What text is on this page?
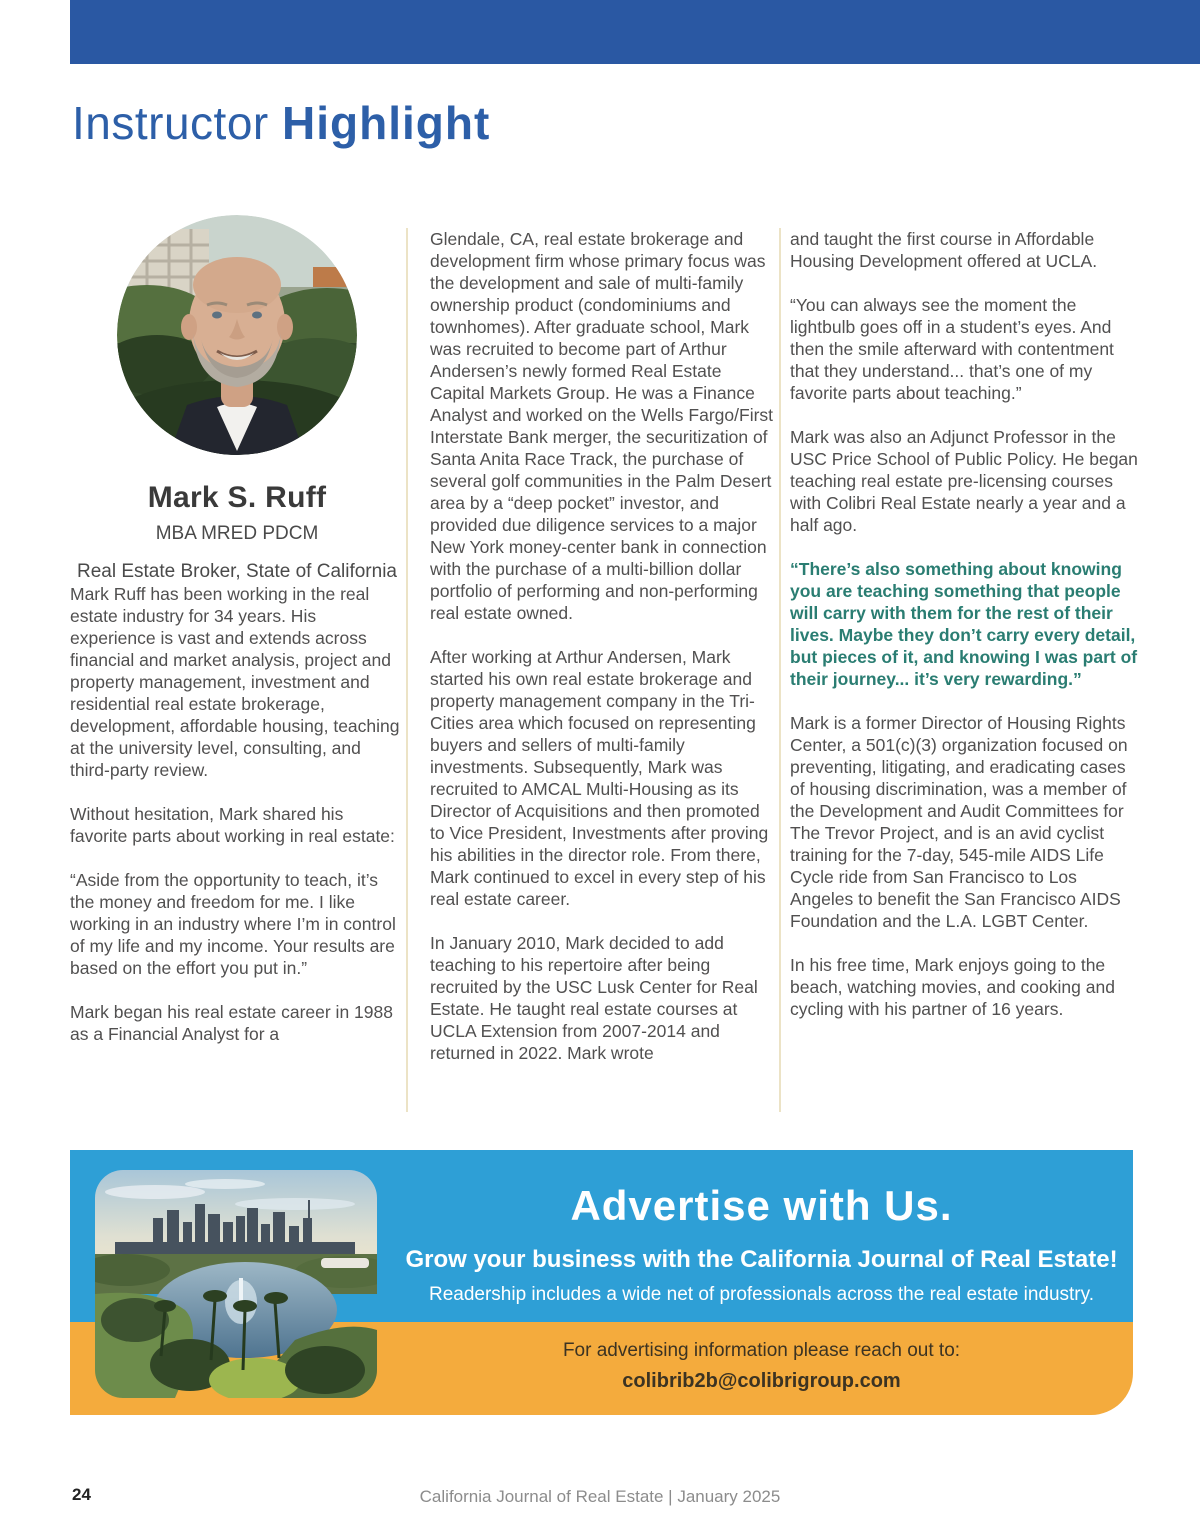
Instructor Highlight
Mark S. Ruff
MBA MRED PDCM
Real Estate Broker, State of California

Mark Ruff has been working in the real estate industry for 34 years. His experience is vast and extends across financial and market analysis, project and property management, investment and residential real estate brokerage, development, affordable housing, teaching at the university level, consulting, and third-party review.

Without hesitation, Mark shared his favorite parts about working in real estate:

“Aside from the opportunity to teach, it’s the money and freedom for me. I like working in an industry where I’m in control of my life and my income. Your results are based on the effort you put in.”

Mark began his real estate career in 1988 as a Financial Analyst for a

Glendale, CA, real estate brokerage and development firm whose primary focus was the development and sale of multi-family ownership product (condominiums and townhomes). After graduate school, Mark was recruited to become part of Arthur Andersen’s newly formed Real Estate Capital Markets Group. He was a Finance Analyst and worked on the Wells Fargo/First Interstate Bank merger, the securitization of Santa Anita Race Track, the purchase of several golf communities in the Palm Desert area by a “deep pocket” investor, and provided due diligence services to a major New York money-center bank in connection with the purchase of a multi-billion dollar portfolio of performing and non-performing real estate owned.

After working at Arthur Andersen, Mark started his own real estate brokerage and property management company in the Tri-Cities area which focused on representing buyers and sellers of multi-family investments. Subsequently, Mark was recruited to AMCAL Multi-Housing as its Director of Acquisitions and then promoted to Vice President, Investments after proving his abilities in the director role. From there, Mark continued to excel in every step of his real estate career.

In January 2010, Mark decided to add teaching to his repertoire after being recruited by the USC Lusk Center for Real Estate. He taught real estate courses at UCLA Extension from 2007-2014 and returned in 2022. Mark wrote

and taught the first course in Affordable Housing Development offered at UCLA.

“You can always see the moment the lightbulb goes off in a student’s eyes. And then the smile afterward with contentment that they understand... that’s one of my favorite parts about teaching.”

Mark was also an Adjunct Professor in the USC Price School of Public Policy. He began teaching real estate pre-licensing courses with Colibri Real Estate nearly a year and a half ago.

“There’s also something about knowing you are teaching something that people will carry with them for the rest of their lives. Maybe they don’t carry every detail, but pieces of it, and knowing I was part of their journey... it’s very rewarding.”

Mark is a former Director of Housing Rights Center, a 501(c)(3) organization focused on preventing, litigating, and eradicating cases of housing discrimination, was a member of the Development and Audit Committees for The Trevor Project, and is an avid cyclist training for the 7-day, 545-mile AIDS Life Cycle ride from San Francisco to Los Angeles to benefit the San Francisco AIDS Foundation and the L.A. LGBT Center.

In his free time, Mark enjoys going to the beach, watching movies, and cooking and cycling with his partner of 16 years.

Advertise with Us.
Grow your business with the California Journal of Real Estate!
Readership includes a wide net of professionals across the real estate industry.
For advertising information please reach out to:
colibrib2b@colibrigroup.com
24	California Journal of Real Estate | January 2025
